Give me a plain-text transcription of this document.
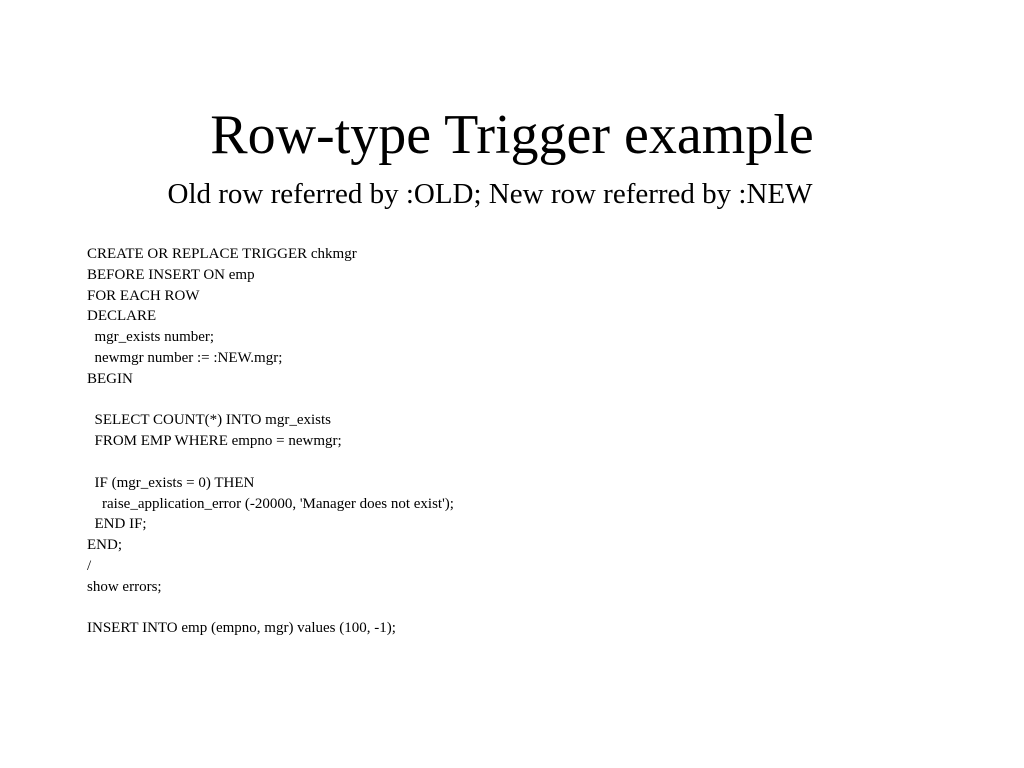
Row-type Trigger example

Old row referred by :OLD; New row referred by :NEW

CREATE OR REPLACE TRIGGER chkmgr
BEFORE INSERT ON emp
FOR EACH ROW
DECLARE
mgr_exists number;
newmgr number := :NEW.mgr;
BEGIN
SELECT COUNT(*) INTO mgr_exists
FROM EMP WHERE empno = newmgr;
IF (mgr_exists = 0) THEN
raise_application_error (-20000, 'Manager does not exist');
END IF;
END;
/
show errors;
INSERT INTO emp (empno, mgr) values (100, -1);
